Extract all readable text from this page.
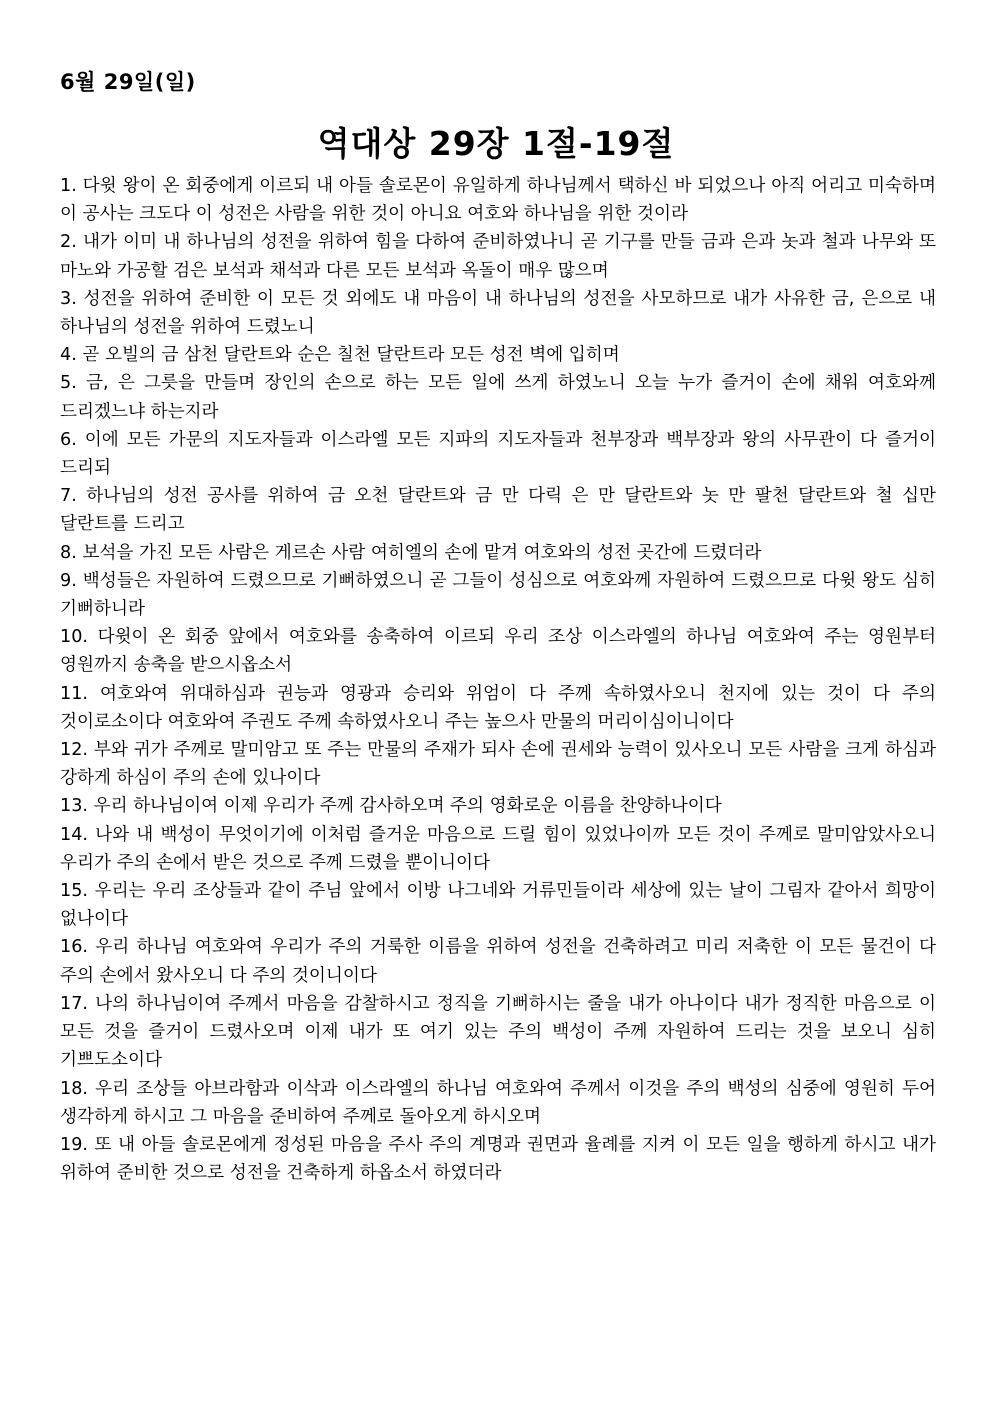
6월 29일(일)
역대상 29장 1절-19절
1. 다윗 왕이 온 회중에게 이르되 내 아들 솔로몬이 유일하게 하나님께서 택하신 바 되었으나 아직 어리고 미숙하며 이 공사는 크도다 이 성전은 사람을 위한 것이 아니요 여호와 하나님을 위한 것이라
2. 내가 이미 내 하나님의 성전을 위하여 힘을 다하여 준비하였나니 곧 기구를 만들 금과 은과 놋과 철과 나무와 또 마노와 가공할 검은 보석과 채석과 다른 모든 보석과 옥돌이 매우 많으며
3. 성전을 위하여 준비한 이 모든 것 외에도 내 마음이 내 하나님의 성전을 사모하므로 내가 사유한 금, 은으로 내 하나님의 성전을 위하여 드렸노니
4. 곧 오빌의 금 삼천 달란트와 순은 칠천 달란트라 모든 성전 벽에 입히며
5. 금, 은 그릇을 만들며 장인의 손으로 하는 모든 일에 쓰게 하였노니 오늘 누가 즐거이 손에 채워 여호와께 드리겠느냐 하는지라
6. 이에 모든 가문의 지도자들과 이스라엘 모든 지파의 지도자들과 천부장과 백부장과 왕의 사무관이 다 즐거이 드리되
7. 하나님의 성전 공사를 위하여 금 오천 달란트와 금 만 다릭 은 만 달란트와 놋 만 팔천 달란트와 철 십만 달란트를 드리고
8. 보석을 가진 모든 사람은 게르손 사람 여히엘의 손에 맡겨 여호와의 성전 곳간에 드렸더라
9. 백성들은 자원하여 드렸으므로 기뻐하였으니 곧 그들이 성심으로 여호와께 자원하여 드렸으므로 다윗 왕도 심히 기뻐하니라
10. 다윗이 온 회중 앞에서 여호와를 송축하여 이르되 우리 조상 이스라엘의 하나님 여호와여 주는 영원부터 영원까지 송축을 받으시옵소서
11. 여호와여 위대하심과 권능과 영광과 승리와 위엄이 다 주께 속하였사오니 천지에 있는 것이 다 주의 것이로소이다 여호와여 주권도 주께 속하였사오니 주는 높으사 만물의 머리이심이니이다
12. 부와 귀가 주께로 말미암고 또 주는 만물의 주재가 되사 손에 권세와 능력이 있사오니 모든 사람을 크게 하심과 강하게 하심이 주의 손에 있나이다
13. 우리 하나님이여 이제 우리가 주께 감사하오며 주의 영화로운 이름을 찬양하나이다
14. 나와 내 백성이 무엇이기에 이처럼 즐거운 마음으로 드릴 힘이 있었나이까 모든 것이 주께로 말미암았사오니 우리가 주의 손에서 받은 것으로 주께 드렸을 뿐이니이다
15. 우리는 우리 조상들과 같이 주님 앞에서 이방 나그네와 거류민들이라 세상에 있는 날이 그림자 같아서 희망이 없나이다
16. 우리 하나님 여호와여 우리가 주의 거룩한 이름을 위하여 성전을 건축하려고 미리 저축한 이 모든 물건이 다 주의 손에서 왔사오니 다 주의 것이니이다
17. 나의 하나님이여 주께서 마음을 감찰하시고 정직을 기뻐하시는 줄을 내가 아나이다 내가 정직한 마음으로 이 모든 것을 즐거이 드렸사오며 이제 내가 또 여기 있는 주의 백성이 주께 자원하여 드리는 것을 보오니 심히 기쁘도소이다
18. 우리 조상들 아브라함과 이삭과 이스라엘의 하나님 여호와여 주께서 이것을 주의 백성의 심중에 영원히 두어 생각하게 하시고 그 마음을 준비하여 주께로 돌아오게 하시오며
19. 또 내 아들 솔로몬에게 정성된 마음을 주사 주의 계명과 권면과 율례를 지켜 이 모든 일을 행하게 하시고 내가 위하여 준비한 것으로 성전을 건축하게 하옵소서 하였더라
